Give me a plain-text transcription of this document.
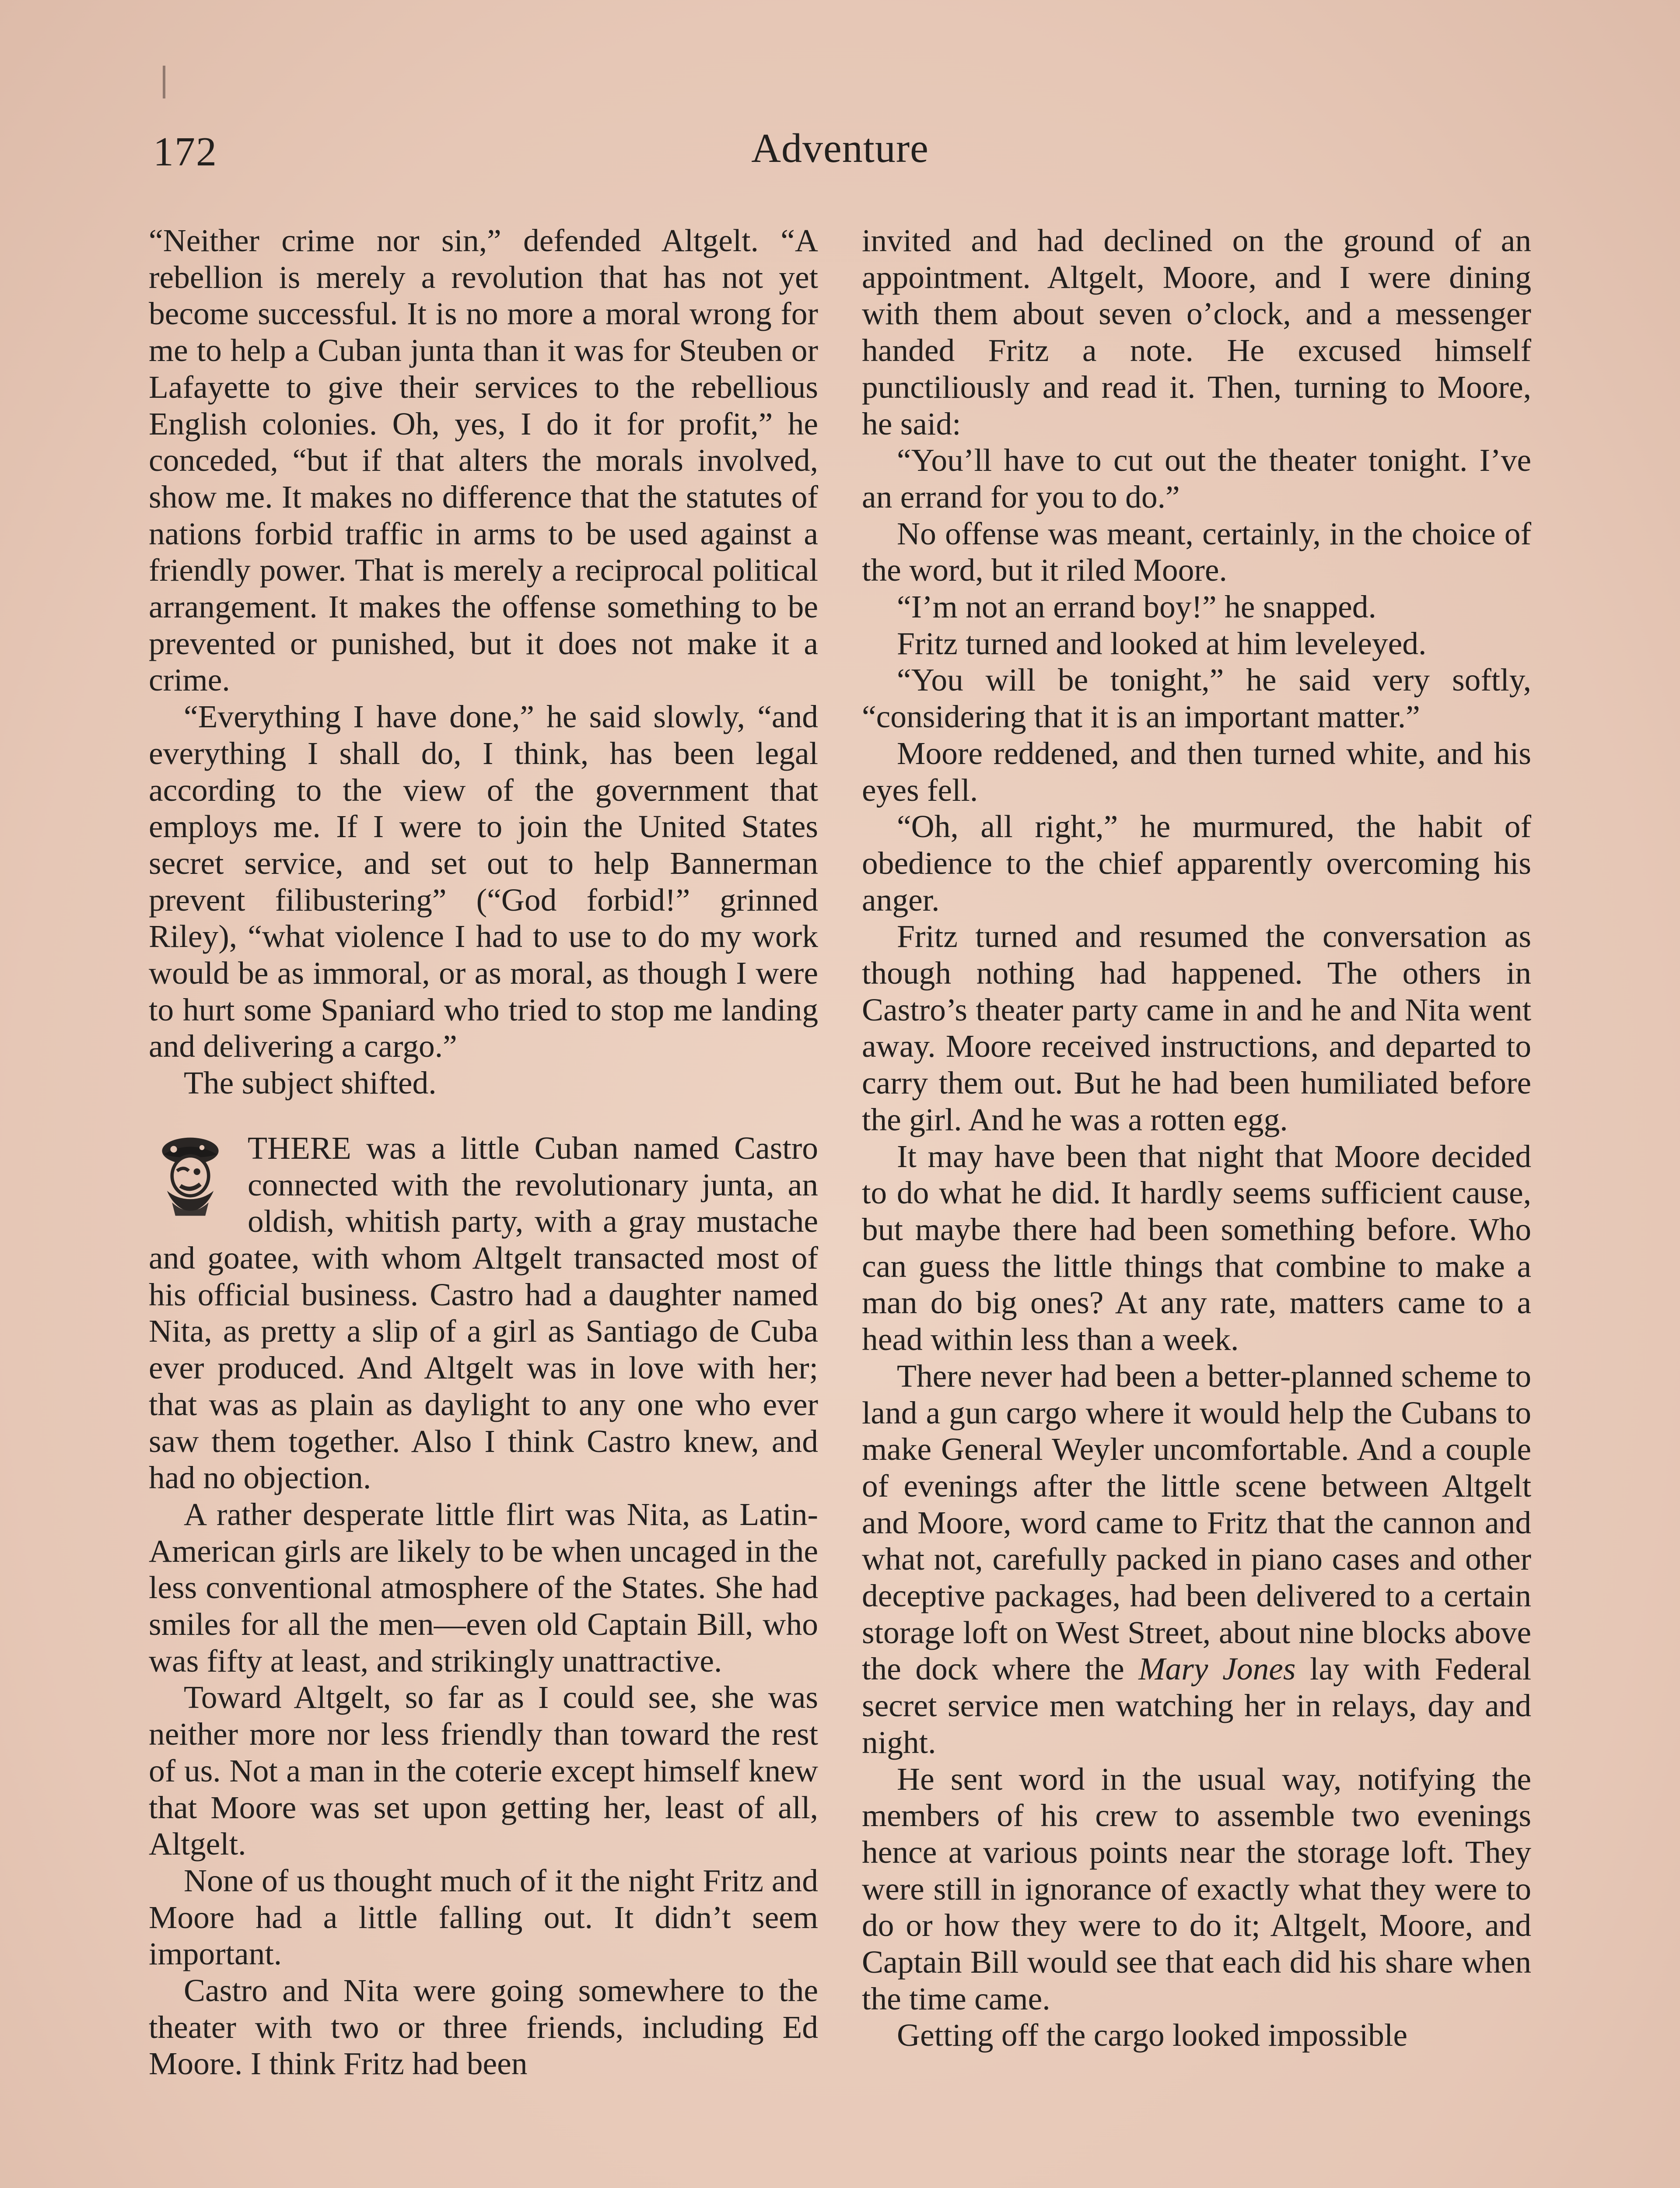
172	Adventure

“Neither crime nor sin,” defended Altgelt. “A rebellion is merely a revolution that has not yet become successful. It is no more a moral wrong for me to help a Cuban junta than it was for Steuben or Lafayette to give their services to the rebellious English colonies. Oh, yes, I do it for profit,” he conceded, “but if that alters the morals involved, show me. It makes no difference that the statutes of nations forbid traffic in arms to be used against a friendly power. That is merely a reciprocal political arrangement. It makes the offense something to be prevented or punished, but it does not make it a crime.

“Everything I have done,” he said slowly, “and everything I shall do, I think, has been legal according to the view of the government that employs me. If I were to join the United States secret service, and set out to help Bannerman prevent filibustering” (“God forbid!” grinned Riley), “what violence I had to use to do my work would be as immoral, or as moral, as though I were to hurt some Spaniard who tried to stop me landing and delivering a cargo.”

The subject shifted.

THERE was a little Cuban named Castro connected with the revolutionary junta, an oldish, whitish party, with a gray mustache and goatee, with whom Altgelt transacted most of his official business. Castro had a daughter named Nita, as pretty a slip of a girl as Santiago de Cuba ever produced. And Altgelt was in love with her; that was as plain as daylight to any one who ever saw them together. Also I think Castro knew, and had no objection.

A rather desperate little flirt was Nita, as Latin-American girls are likely to be when uncaged in the less conventional atmosphere of the States. She had smiles for all the men—even old Captain Bill, who was fifty at least, and strikingly unattractive.

Toward Altgelt, so far as I could see, she was neither more nor less friendly than toward the rest of us. Not a man in the coterie except himself knew that Moore was set upon getting her, least of all, Altgelt.

None of us thought much of it the night Fritz and Moore had a little falling out. It didn’t seem important.

Castro and Nita were going somewhere to the theater with two or three friends, including Ed Moore. I think Fritz had been

invited and had declined on the ground of an appointment. Altgelt, Moore, and I were dining with them about seven o’clock, and a messenger handed Fritz a note. He excused himself punctiliously and read it. Then, turning to Moore, he said:

“You’ll have to cut out the theater tonight. I’ve an errand for you to do.”

No offense was meant, certainly, in the choice of the word, but it riled Moore.

“I’m not an errand boy!” he snapped.

Fritz turned and looked at him leveleyed.

“You will be tonight,” he said very softly, “considering that it is an important matter.”

Moore reddened, and then turned white, and his eyes fell.

“Oh, all right,” he murmured, the habit of obedience to the chief apparently overcoming his anger.

Fritz turned and resumed the conversation as though nothing had happened. The others in Castro’s theater party came in and he and Nita went away. Moore received instructions, and departed to carry them out. But he had been humiliated before the girl. And he was a rotten egg.

It may have been that night that Moore decided to do what he did. It hardly seems sufficient cause, but maybe there had been something before. Who can guess the little things that combine to make a man do big ones? At any rate, matters came to a head within less than a week.

There never had been a better-planned scheme to land a gun cargo where it would help the Cubans to make General Weyler uncomfortable. And a couple of evenings after the little scene between Altgelt and Moore, word came to Fritz that the cannon and what not, carefully packed in piano cases and other deceptive packages, had been delivered to a certain storage loft on West Street, about nine blocks above the dock where the Mary Jones lay with Federal secret service men watching her in relays, day and night.

He sent word in the usual way, notifying the members of his crew to assemble two evenings hence at various points near the storage loft. They were still in ignorance of exactly what they were to do or how they were to do it; Altgelt, Moore, and Captain Bill would see that each did his share when the time came.

Getting off the cargo looked impossible
